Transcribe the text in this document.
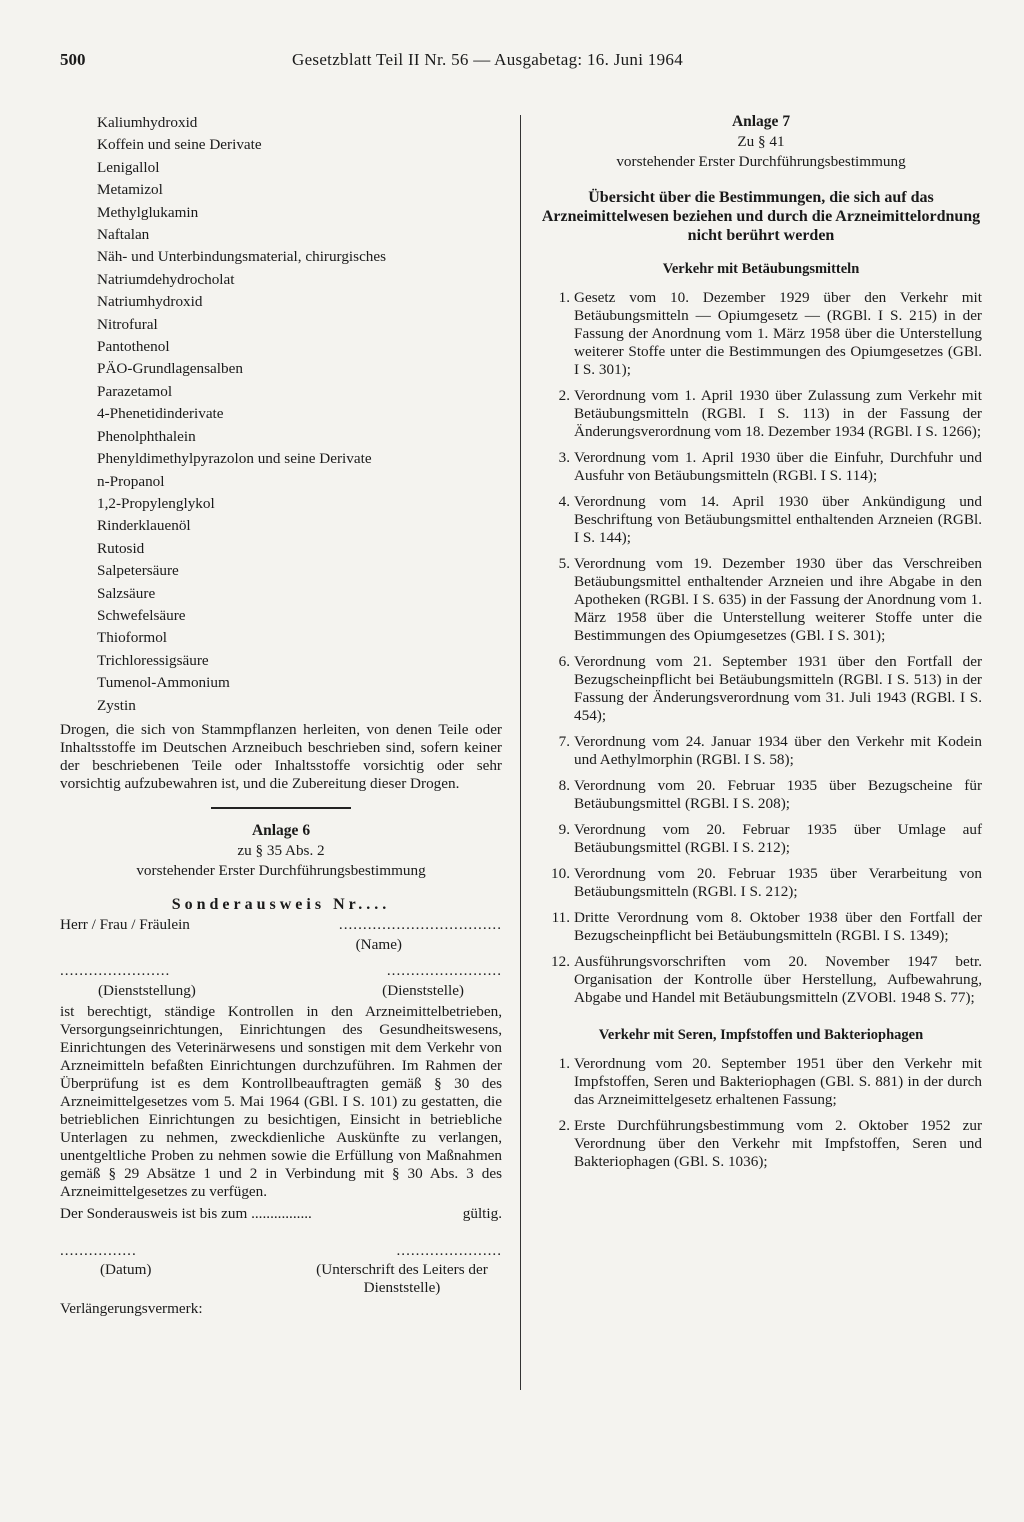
500	Gesetzblatt Teil II Nr. 56 — Ausgabetag: 16. Juni 1964
Kaliumhydroxid
Koffein und seine Derivate
Lenigallol
Metamizol
Methylglukamin
Naftalan
Näh- und Unterbindungsmaterial, chirurgisches
Natriumdehydrocholat
Natriumhydroxid
Nitrofural
Pantothenol
PÄO-Grundlagensalben
Parazetamol
4-Phenetidinderivate
Phenolphthalein
Phenyldimethylpyrazolon und seine Derivate
n-Propanol
1,2-Propylenglykol
Rinderklauenöl
Rutosid
Salpetersäure
Salzsäure
Schwefelsäure
Thioformol
Trichloressigsäure
Tumenol-Ammonium
Zystin
Drogen, die sich von Stammpflanzen herleiten, von denen Teile oder Inhaltsstoffe im Deutschen Arzneibuch beschrieben sind, sofern keiner der beschriebenen Teile oder Inhaltsstoffe vorsichtig oder sehr vorsichtig aufzubewahren ist, und die Zubereitung dieser Drogen.
Anlage 6
zu § 35 Abs. 2
vorstehender Erster Durchführungsbestimmung
Sonderausweis Nr....
Herr / Frau / Fräulein	..................................
(Name)
.......................	........................
(Dienststellung)	(Dienststelle)
ist berechtigt, ständige Kontrollen in den Arzneimittelbetrieben, Versorgungseinrichtungen, Einrichtungen des Gesundheitswesens, Einrichtungen des Veterinärwesens und sonstigen mit dem Verkehr von Arzneimitteln befaßten Einrichtungen durchzuführen. Im Rahmen der Überprüfung ist es dem Kontrollbeauftragten gemäß § 30 des Arzneimittelgesetzes vom 5. Mai 1964 (GBl. I S. 101) zu gestatten, die betrieblichen Einrichtungen zu besichtigen, Einsicht in betriebliche Unterlagen zu nehmen, zweckdienliche Auskünfte zu verlangen, unentgeltliche Proben zu nehmen sowie die Erfüllung von Maßnahmen gemäß § 29 Absätze 1 und 2 in Verbindung mit § 30 Abs. 3 des Arzneimittelgesetzes zu verfügen.
Der Sonderausweis ist bis zum ................	gültig.
................	......................
(Datum)	(Unterschrift des Leiters der Dienststelle)
Verlängerungsvermerk:
Anlage 7
Zu § 41
vorstehender Erster Durchführungsbestimmung
Übersicht über die Bestimmungen, die sich auf das Arzneimittelwesen beziehen und durch die Arzneimittelordnung nicht berührt werden
Verkehr mit Betäubungsmitteln
1. Gesetz vom 10. Dezember 1929 über den Verkehr mit Betäubungsmitteln — Opiumgesetz — (RGBl. I S. 215) in der Fassung der Anordnung vom 1. März 1958 über die Unterstellung weiterer Stoffe unter die Bestimmungen des Opiumgesetzes (GBl. I S. 301);
2. Verordnung vom 1. April 1930 über Zulassung zum Verkehr mit Betäubungsmitteln (RGBl. I S. 113) in der Fassung der Änderungsverordnung vom 18. Dezember 1934 (RGBl. I S. 1266);
3. Verordnung vom 1. April 1930 über die Einfuhr, Durchfuhr und Ausfuhr von Betäubungsmitteln (RGBl. I S. 114);
4. Verordnung vom 14. April 1930 über Ankündigung und Beschriftung von Betäubungsmittel enthaltenden Arzneien (RGBl. I S. 144);
5. Verordnung vom 19. Dezember 1930 über das Verschreiben Betäubungsmittel enthaltender Arzneien und ihre Abgabe in den Apotheken (RGBl. I S. 635) in der Fassung der Anordnung vom 1. März 1958 über die Unterstellung weiterer Stoffe unter die Bestimmungen des Opiumgesetzes (GBl. I S. 301);
6. Verordnung vom 21. September 1931 über den Fortfall der Bezugscheinpflicht bei Betäubungsmitteln (RGBl. I S. 513) in der Fassung der Änderungsverordnung vom 31. Juli 1943 (RGBl. I S. 454);
7. Verordnung vom 24. Januar 1934 über den Verkehr mit Kodein und Aethylmorphin (RGBl. I S. 58);
8. Verordnung vom 20. Februar 1935 über Bezugscheine für Betäubungsmittel (RGBl. I S. 208);
9. Verordnung vom 20. Februar 1935 über Umlage auf Betäubungsmittel (RGBl. I S. 212);
10. Verordnung vom 20. Februar 1935 über Verarbeitung von Betäubungsmitteln (RGBl. I S. 212);
11. Dritte Verordnung vom 8. Oktober 1938 über den Fortfall der Bezugscheinpflicht bei Betäubungsmitteln (RGBl. I S. 1349);
12. Ausführungsvorschriften vom 20. November 1947 betr. Organisation der Kontrolle über Herstellung, Aufbewahrung, Abgabe und Handel mit Betäubungsmitteln (ZVOBl. 1948 S. 77);
Verkehr mit Seren, Impfstoffen und Bakteriophagen
1. Verordnung vom 20. September 1951 über den Verkehr mit Impfstoffen, Seren und Bakteriophagen (GBl. S. 881) in der durch das Arzneimittelgesetz erhaltenen Fassung;
2. Erste Durchführungsbestimmung vom 2. Oktober 1952 zur Verordnung über den Verkehr mit Impfstoffen, Seren und Bakteriophagen (GBl. S. 1036);
